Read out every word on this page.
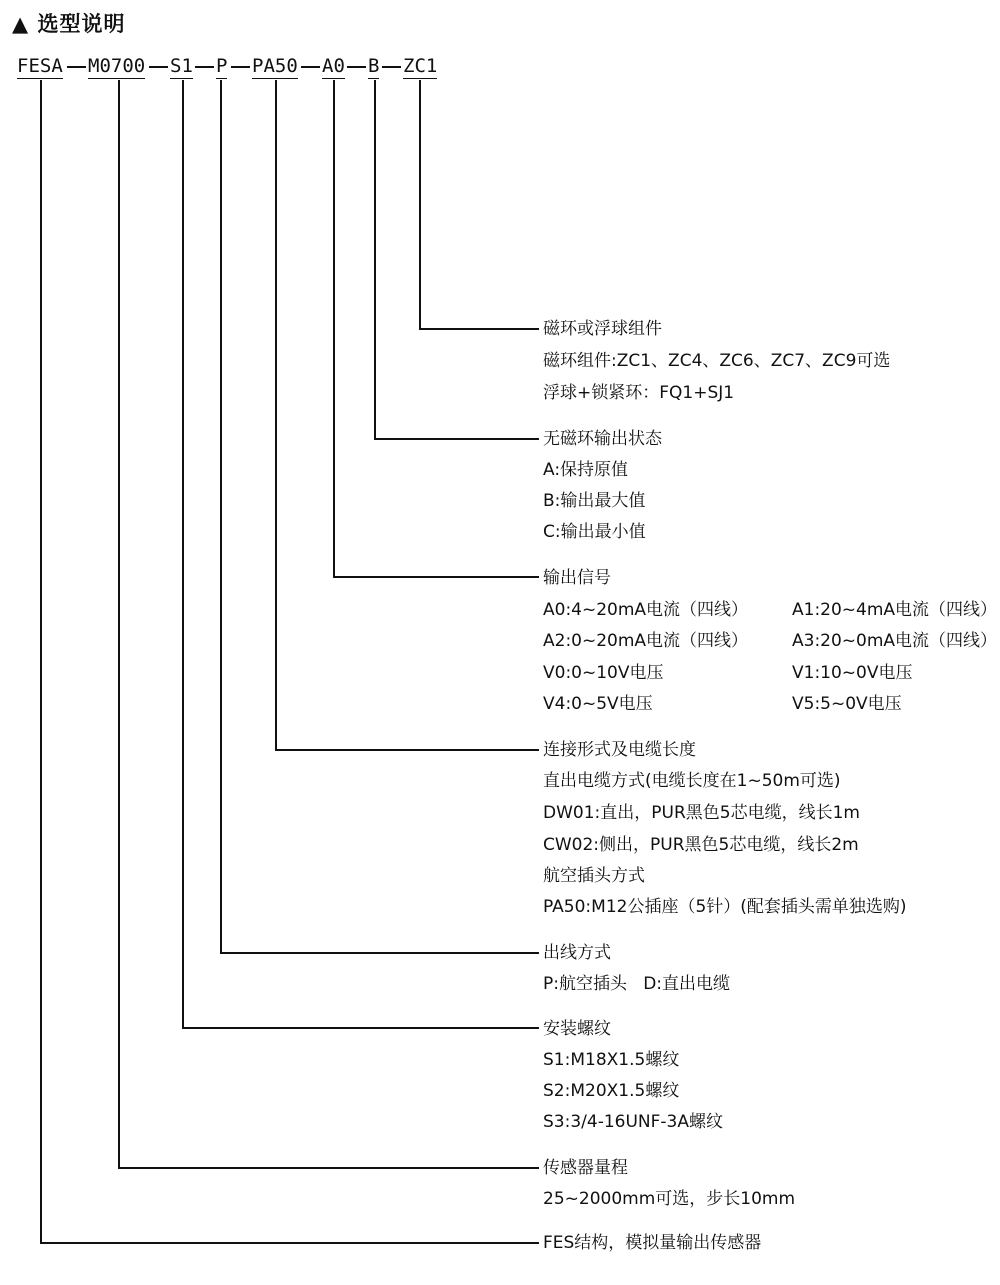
▲ 选型说明
FESA M0700 S1 P PA50 A0 B ZC1
磁环或浮球组件
磁环组件:ZC1、ZC4、ZC6、ZC7、ZC9可选
浮球+锁紧环：FQ1+SJ1
无磁环输出状态
A:保持原值
B:输出最大值
C:输出最小值
输出信号
A0:4~20mA电流（四线）
A2:0~20mA电流（四线）
V0:0~10V电压
V4:0~5V电压
A1:20~4mA电流（四线）
A3:20~0mA电流（四线）
V1:10~0V电压
V5:5~0V电压
连接形式及电缆长度
直出电缆方式(电缆长度在1~50m可选)
DW01:直出，PUR黑色5芯电缆，线长1m
CW02:侧出，PUR黑色5芯电缆，线长2m
航空插头方式
PA50:M12公插座（5针）(配套插头需单独选购)
出线方式
P:航空插头   D:直出电缆
安装螺纹
S1:M18X1.5螺纹
S2:M20X1.5螺纹
S3:3/4-16UNF-3A螺纹
传感器量程
25~2000mm可选，步长10mm
FES结构，模拟量输出传感器
